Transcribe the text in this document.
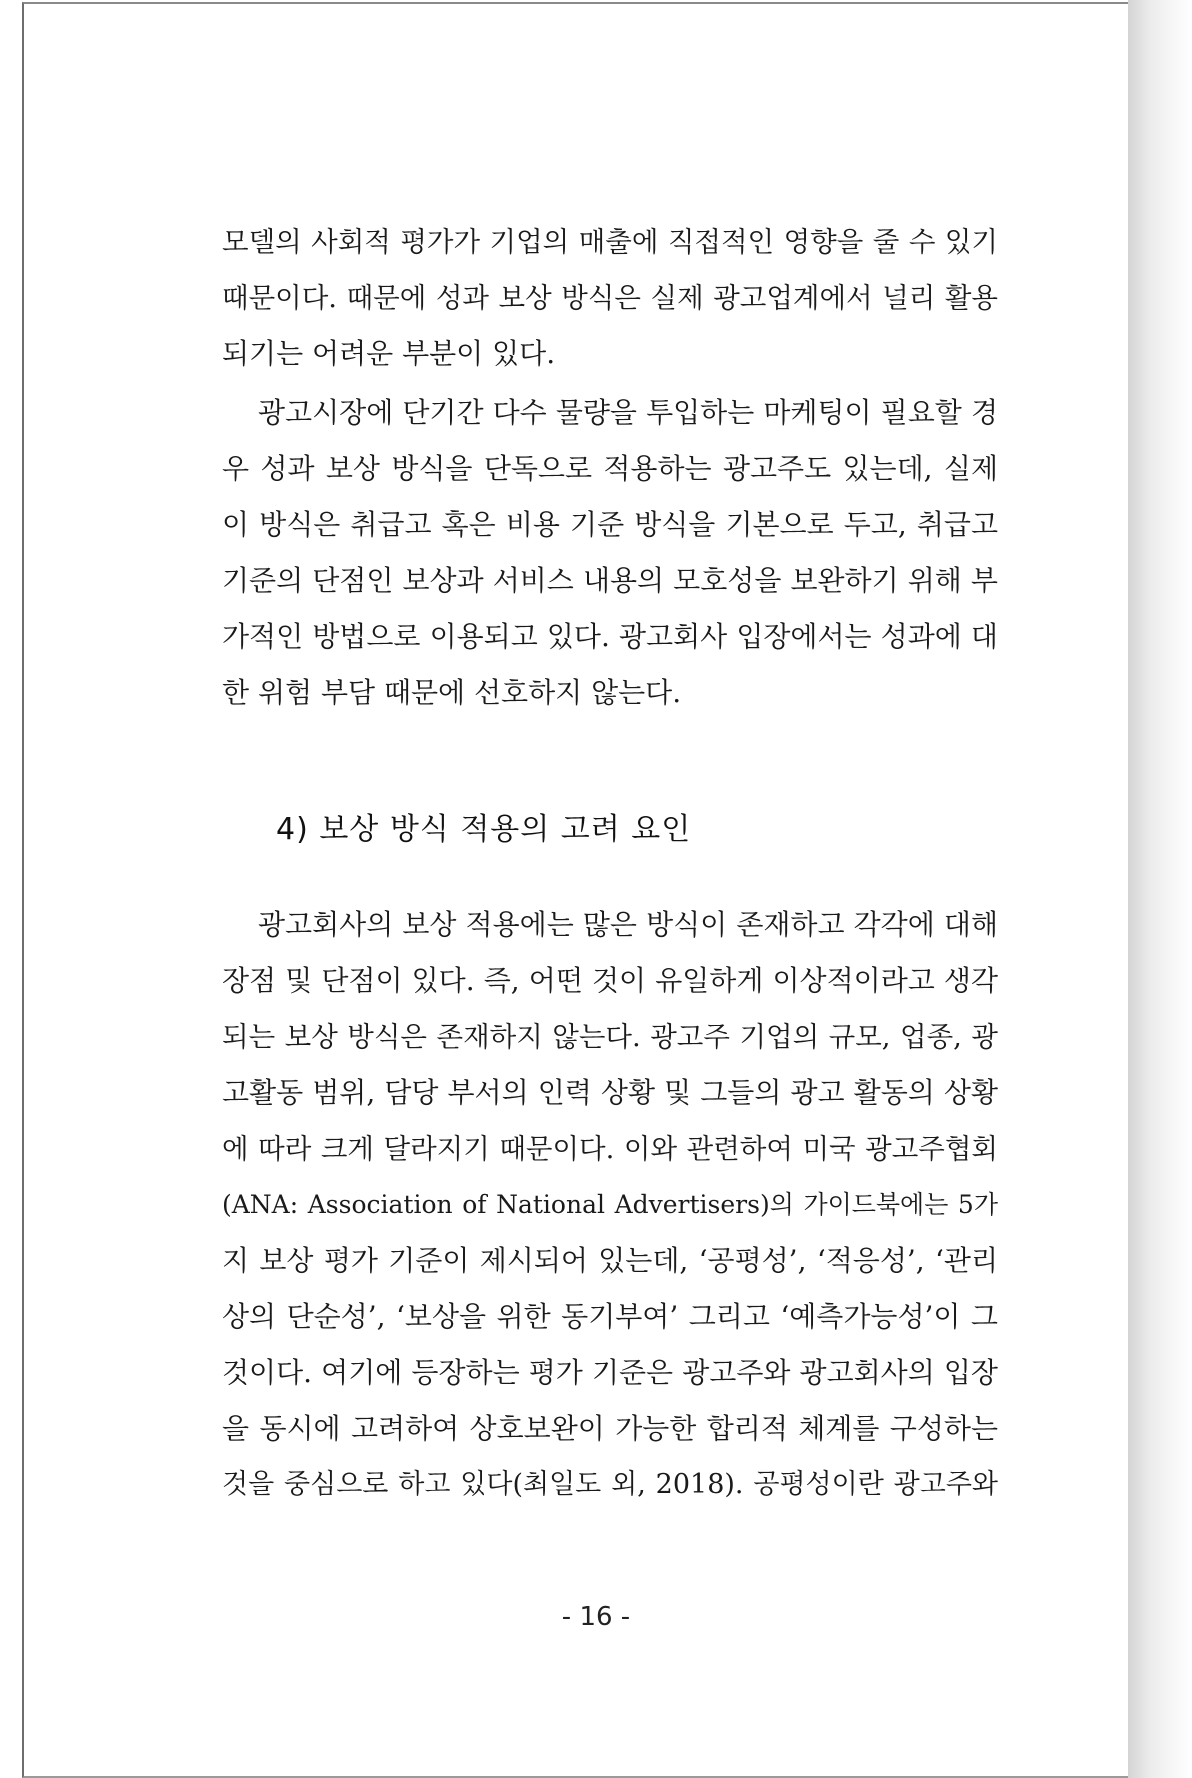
모델의 사회적 평가가 기업의 매출에 직접적인 영향을 줄 수 있기
때문이다. 때문에 성과 보상 방식은 실제 광고업계에서 널리 활용
되기는 어려운 부분이 있다.
광고시장에 단기간 다수 물량을 투입하는 마케팅이 필요할 경
우 성과 보상 방식을 단독으로 적용하는 광고주도 있는데, 실제
이 방식은 취급고 혹은 비용 기준 방식을 기본으로 두고, 취급고
기준의 단점인 보상과 서비스 내용의 모호성을 보완하기 위해 부
가적인 방법으로 이용되고 있다. 광고회사 입장에서는 성과에 대
한 위험 부담 때문에 선호하지 않는다.
4) 보상 방식 적용의 고려 요인
광고회사의 보상 적용에는 많은 방식이 존재하고 각각에 대해
장점 및 단점이 있다. 즉, 어떤 것이 유일하게 이상적이라고 생각
되는 보상 방식은 존재하지 않는다. 광고주 기업의 규모, 업종, 광
고활동 범위, 담당 부서의 인력 상황 및 그들의 광고 활동의 상황
에 따라 크게 달라지기 때문이다. 이와 관련하여 미국 광고주협회
(ANA: Association of National Advertisers)의 가이드북에는 5가
지 보상 평가 기준이 제시되어 있는데, ‘공평성’, ‘적응성’, ‘관리
상의 단순성’, ‘보상을 위한 동기부여’ 그리고 ‘예측가능성’이 그
것이다. 여기에 등장하는 평가 기준은 광고주와 광고회사의 입장
을 동시에 고려하여 상호보완이 가능한 합리적 체계를 구성하는
것을 중심으로 하고 있다(최일도 외, 2018). 공평성이란 광고주와
- 16 -
